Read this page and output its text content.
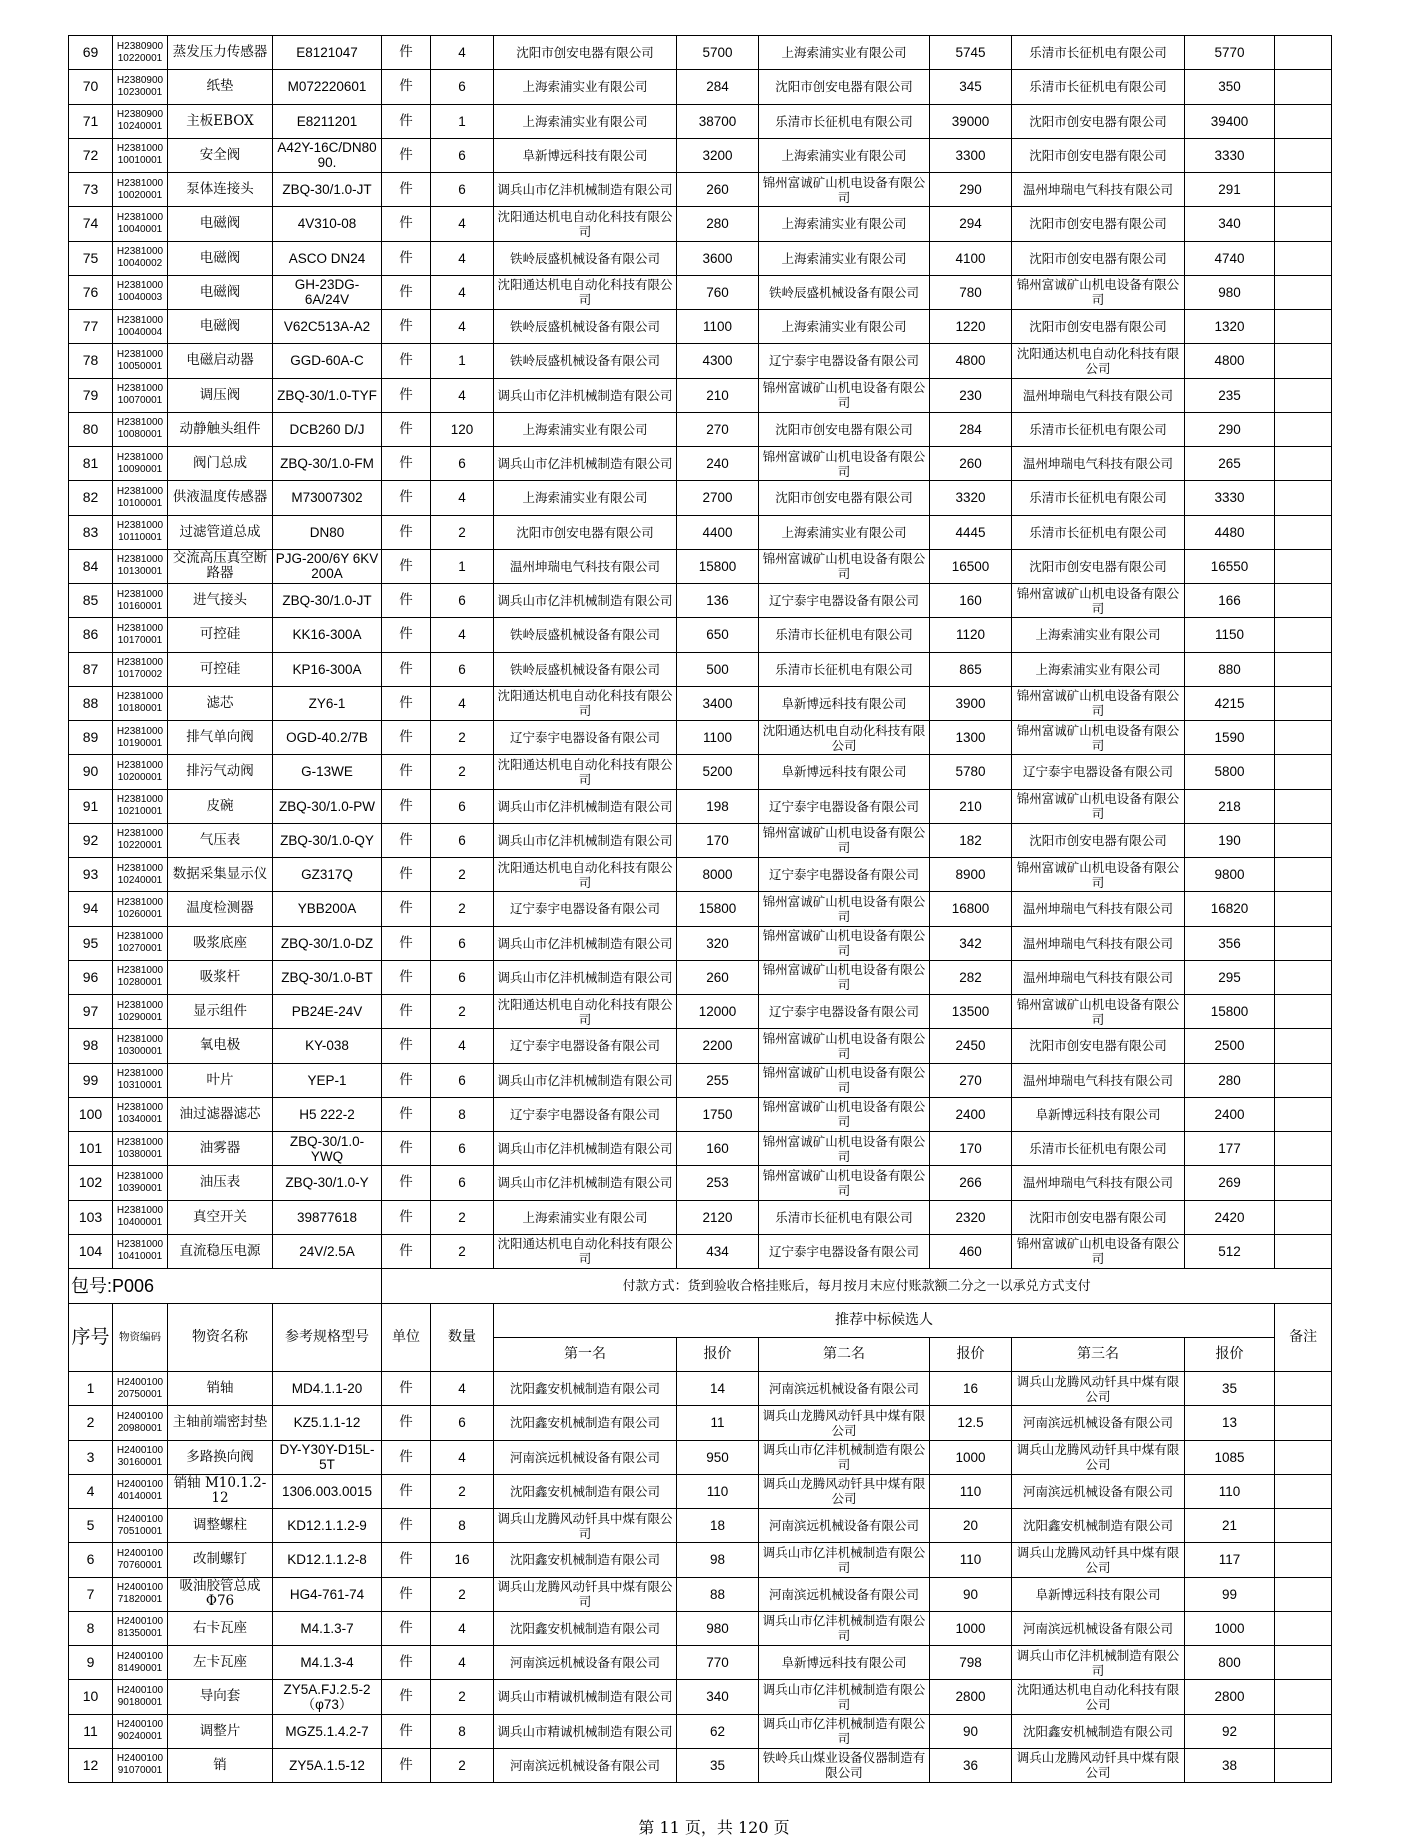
69	H2380900 10220001	蒸发压力传感器	E8121047	件	4	沈阳市创安电器有限公司	5700	上海索浦实业有限公司	5745	乐清市长征机电有限公司	5770	
70	H2380900 10230001	纸垫	M072220601	件	6	上海索浦实业有限公司	284	沈阳市创安电器有限公司	345	乐清市长征机电有限公司	350	
71	H2380900 10240001	主板EBOX	E8211201	件	1	上海索浦实业有限公司	38700	乐清市长征机电有限公司	39000	沈阳市创安电器有限公司	39400	
72	H2381000 10010001	安全阀	A42Y-16C/DN80 90.	件	6	阜新博远科技有限公司	3200	上海索浦实业有限公司	3300	沈阳市创安电器有限公司	3330	
73	H2381000 10020001	泵体连接头	ZBQ-30/1.0-JT	件	6	调兵山市亿沣机械制造有限公司	260	锦州富诚矿山机电设备有限公司	290	温州坤瑞电气科技有限公司	291	
74	H2381000 10040001	电磁阀	4V310-08	件	4	沈阳通达机电自动化科技有限公司	280	上海索浦实业有限公司	294	沈阳市创安电器有限公司	340	
75	H2381000 10040002	电磁阀	ASCO DN24	件	4	铁岭辰盛机械设备有限公司	3600	上海索浦实业有限公司	4100	沈阳市创安电器有限公司	4740	
76	H2381000 10040003	电磁阀	GH-23DG-6A/24V	件	4	沈阳通达机电自动化科技有限公司	760	铁岭辰盛机械设备有限公司	780	锦州富诚矿山机电设备有限公司	980	
77	H2381000 10040004	电磁阀	V62C513A-A2	件	4	铁岭辰盛机械设备有限公司	1100	上海索浦实业有限公司	1220	沈阳市创安电器有限公司	1320	
78	H2381000 10050001	电磁启动器	GGD-60A-C	件	1	铁岭辰盛机械设备有限公司	4300	辽宁泰宇电器设备有限公司	4800	沈阳通达机电自动化科技有限公司	4800	
79	H2381000 10070001	调压阀	ZBQ-30/1.0-TYF	件	4	调兵山市亿沣机械制造有限公司	210	锦州富诚矿山机电设备有限公司	230	温州坤瑞电气科技有限公司	235	
80	H2381000 10080001	动静触头组件	DCB260 D/J	件	120	上海索浦实业有限公司	270	沈阳市创安电器有限公司	284	乐清市长征机电有限公司	290	
81	H2381000 10090001	阀门总成	ZBQ-30/1.0-FM	件	6	调兵山市亿沣机械制造有限公司	240	锦州富诚矿山机电设备有限公司	260	温州坤瑞电气科技有限公司	265	
82	H2381000 10100001	供液温度传感器	M73007302	件	4	上海索浦实业有限公司	2700	沈阳市创安电器有限公司	3320	乐清市长征机电有限公司	3330	
83	H2381000 10110001	过滤管道总成	DN80	件	2	沈阳市创安电器有限公司	4400	上海索浦实业有限公司	4445	乐清市长征机电有限公司	4480	
84	H2381000 10130001	交流高压真空断路器	PJG-200/6Y 6KV 200A	件	1	温州坤瑞电气科技有限公司	15800	锦州富诚矿山机电设备有限公司	16500	沈阳市创安电器有限公司	16550	
85	H2381000 10160001	进气接头	ZBQ-30/1.0-JT	件	6	调兵山市亿沣机械制造有限公司	136	辽宁泰宇电器设备有限公司	160	锦州富诚矿山机电设备有限公司	166	
86	H2381000 10170001	可控硅	KK16-300A	件	4	铁岭辰盛机械设备有限公司	650	乐清市长征机电有限公司	1120	上海索浦实业有限公司	1150	
87	H2381000 10170002	可控硅	KP16-300A	件	6	铁岭辰盛机械设备有限公司	500	乐清市长征机电有限公司	865	上海索浦实业有限公司	880	
88	H2381000 10180001	滤芯	ZY6-1	件	4	沈阳通达机电自动化科技有限公司	3400	阜新博远科技有限公司	3900	锦州富诚矿山机电设备有限公司	4215	
89	H2381000 10190001	排气单向阀	OGD-40.2/7B	件	2	辽宁泰宇电器设备有限公司	1100	沈阳通达机电自动化科技有限公司	1300	锦州富诚矿山机电设备有限公司	1590	
90	H2381000 10200001	排污气动阀	G-13WE	件	2	沈阳通达机电自动化科技有限公司	5200	阜新博远科技有限公司	5780	辽宁泰宇电器设备有限公司	5800	
91	H2381000 10210001	皮碗	ZBQ-30/1.0-PW	件	6	调兵山市亿沣机械制造有限公司	198	辽宁泰宇电器设备有限公司	210	锦州富诚矿山机电设备有限公司	218	
92	H2381000 10220001	气压表	ZBQ-30/1.0-QY	件	6	调兵山市亿沣机械制造有限公司	170	锦州富诚矿山机电设备有限公司	182	沈阳市创安电器有限公司	190	
93	H2381000 10240001	数据采集显示仪	GZ317Q	件	2	沈阳通达机电自动化科技有限公司	8000	辽宁泰宇电器设备有限公司	8900	锦州富诚矿山机电设备有限公司	9800	
94	H2381000 10260001	温度检测器	YBB200A	件	2	辽宁泰宇电器设备有限公司	15800	锦州富诚矿山机电设备有限公司	16800	温州坤瑞电气科技有限公司	16820	
95	H2381000 10270001	吸浆底座	ZBQ-30/1.0-DZ	件	6	调兵山市亿沣机械制造有限公司	320	锦州富诚矿山机电设备有限公司	342	温州坤瑞电气科技有限公司	356	
96	H2381000 10280001	吸浆杆	ZBQ-30/1.0-BT	件	6	调兵山市亿沣机械制造有限公司	260	锦州富诚矿山机电设备有限公司	282	温州坤瑞电气科技有限公司	295	
97	H2381000 10290001	显示组件	PB24E-24V	件	2	沈阳通达机电自动化科技有限公司	12000	辽宁泰宇电器设备有限公司	13500	锦州富诚矿山机电设备有限公司	15800	
98	H2381000 10300001	氧电极	KY-038	件	4	辽宁泰宇电器设备有限公司	2200	锦州富诚矿山机电设备有限公司	2450	沈阳市创安电器有限公司	2500	
99	H2381000 10310001	叶片	YEP-1	件	6	调兵山市亿沣机械制造有限公司	255	锦州富诚矿山机电设备有限公司	270	温州坤瑞电气科技有限公司	280	
100	H2381000 10340001	油过滤器滤芯	H5 222-2	件	8	辽宁泰宇电器设备有限公司	1750	锦州富诚矿山机电设备有限公司	2400	阜新博远科技有限公司	2400	
101	H2381000 10380001	油雾器	ZBQ-30/1.0-YWQ	件	6	调兵山市亿沣机械制造有限公司	160	锦州富诚矿山机电设备有限公司	170	乐清市长征机电有限公司	177	
102	H2381000 10390001	油压表	ZBQ-30/1.0-Y	件	6	调兵山市亿沣机械制造有限公司	253	锦州富诚矿山机电设备有限公司	266	温州坤瑞电气科技有限公司	269	
103	H2381000 10400001	真空开关	39877618	件	2	上海索浦实业有限公司	2120	乐清市长征机电有限公司	2320	沈阳市创安电器有限公司	2420	
104	H2381000 10410001	直流稳压电源	24V/2.5A	件	2	沈阳通达机电自动化科技有限公司	434	辽宁泰宇电器设备有限公司	460	锦州富诚矿山机电设备有限公司	512	
包号:P006				付款方式：货到验收合格挂账后，每月按月末应付账款额二分之一以承兑方式支付								
序号	物资编码	物资名称	参考规格型号	单位	数量	推荐中标候选人						备注
						第一名	报价	第二名	报价	第三名	报价	
1	H2400100 20750001	销轴	MD4.1.1-20	件	4	沈阳鑫安机械制造有限公司	14	河南滨远机械设备有限公司	16	调兵山龙腾风动钎具中煤有限公司	35	
2	H2400100 20980001	主轴前端密封垫	KZ5.1.1-12	件	6	沈阳鑫安机械制造有限公司	11	调兵山龙腾风动钎具中煤有限公司	12.5	河南滨远机械设备有限公司	13	
3	H2400100 30160001	多路换向阀	DY-Y30Y-D15L-5T	件	4	河南滨远机械设备有限公司	950	调兵山市亿沣机械制造有限公司	1000	调兵山龙腾风动钎具中煤有限公司	1085	
4	H2400100 40140001	销轴 M10.1.2-12	1306.003.0015	件	2	沈阳鑫安机械制造有限公司	110	调兵山龙腾风动钎具中煤有限公司	110	河南滨远机械设备有限公司	110	
5	H2400100 70510001	调整螺柱	KD12.1.1.2-9	件	8	调兵山龙腾风动钎具中煤有限公司	18	河南滨远机械设备有限公司	20	沈阳鑫安机械制造有限公司	21	
6	H2400100 70760001	改制螺钉	KD12.1.1.2-8	件	16	沈阳鑫安机械制造有限公司	98	调兵山市亿沣机械制造有限公司	110	调兵山龙腾风动钎具中煤有限公司	117	
7	H2400100 71820001	吸油胶管总成Φ76	HG4-761-74	件	2	调兵山龙腾风动钎具中煤有限公司	88	河南滨远机械设备有限公司	90	阜新博远科技有限公司	99	
8	H2400100 81350001	右卡瓦座	M4.1.3-7	件	4	沈阳鑫安机械制造有限公司	980	调兵山市亿沣机械制造有限公司	1000	河南滨远机械设备有限公司	1000	
9	H2400100 81490001	左卡瓦座	M4.1.3-4	件	4	河南滨远机械设备有限公司	770	阜新博远科技有限公司	798	调兵山市亿沣机械制造有限公司	800	
10	H2400100 90180001	导向套	ZY5A.FJ.2.5-2（φ73）	件	2	调兵山市精诚机械制造有限公司	340	调兵山市亿沣机械制造有限公司	2800	沈阳通达机电自动化科技有限公司	2800	
11	H2400100 90240001	调整片	MGZ5.1.4.2-7	件	8	调兵山市精诚机械制造有限公司	62	调兵山市亿沣机械制造有限公司	90	沈阳鑫安机械制造有限公司	92	
12	H2400100 91070001	销	ZY5A.1.5-12	件	2	河南滨远机械设备有限公司	35	铁岭兵山煤业设备仪器制造有限公司	36	调兵山龙腾风动钎具中煤有限公司	38	
第 11 页，共 120 页
